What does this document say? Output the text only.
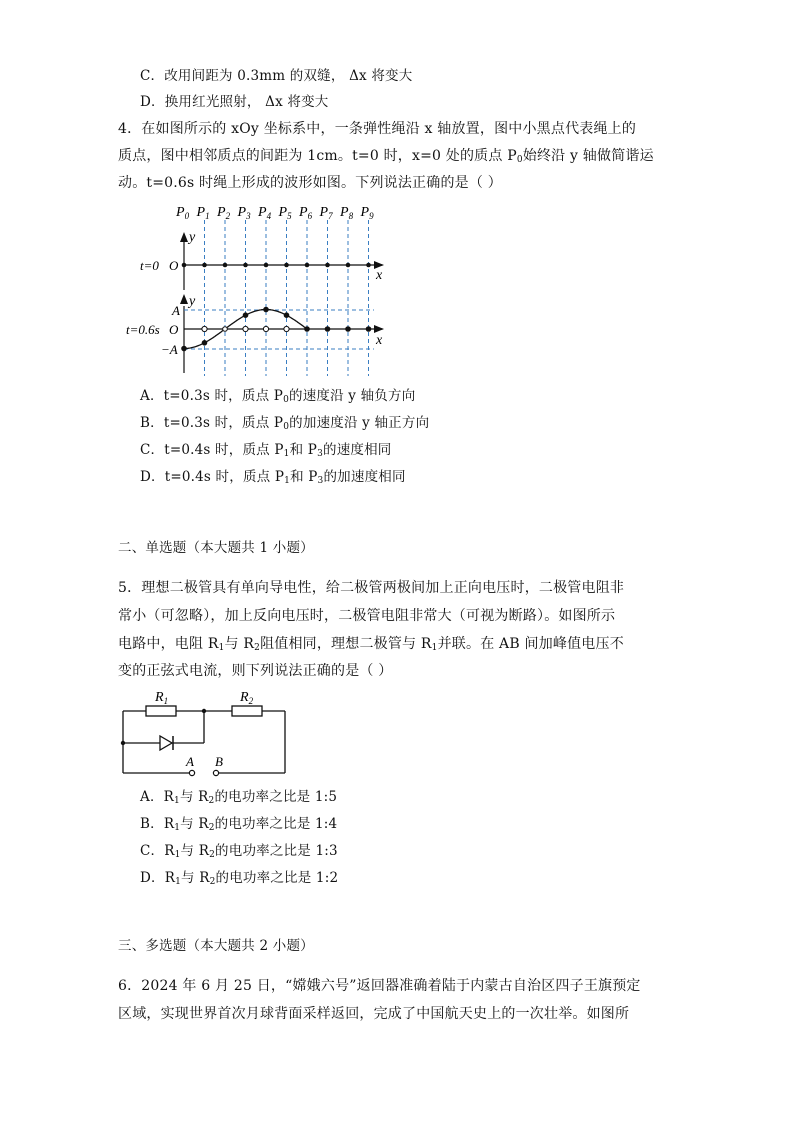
C．改用间距为 0.3mm 的双缝， Δx 将变大
D．换用红光照射， Δx 将变大
4．在如图所示的 xOy 坐标系中，一条弹性绳沿 x 轴放置，图中小黑点代表绳上的
质点，图中相邻质点的间距为 1cm。t=0 时，x=0 处的质点 $P_0$始终沿 y 轴做简谐运
动。t=0.6s 时绳上形成的波形如图。下列说法正确的是（ ）
$P_0$ $P_1$ $P_2$ $P_3$ $P_4$ $P_5$ $P_6$ $P_7$ $P_8$ $P_9$
y
x
t=0 O
y
x
t=0.6s O
A
−A
A．t=0.3s 时，质点 $P_0$的速度沿 y 轴负方向
B．t=0.3s 时，质点 $P_0$的加速度沿 y 轴正方向
C．t=0.4s 时，质点 $P_1$和 $P_3$的速度相同
D．t=0.4s 时，质点 $P_1$和 $P_3$的加速度相同
二、单选题（本大题共 1 小题）
5．理想二极管具有单向导电性，给二极管两极间加上正向电压时，二极管电阻非
常小（可忽略），加上反向电压时，二极管电阻非常大（可视为断路）。如图所示
电路中，电阻 $R_1$与 $R_2$阻值相同，理想二极管与 $R_1$并联。在 AB 间加峰值电压不
变的正弦式电流，则下列说法正确的是（ ）
$R_1$	$R_2$
A B
A．$R_1$与 $R_2$的电功率之比是 1:5
B．$R_1$与 $R_2$的电功率之比是 1:4
C．$R_1$与 $R_2$的电功率之比是 1:3
D．$R_1$与 $R_2$的电功率之比是 1:2
三、多选题（本大题共 2 小题）
6．2024 年 6 月 25 日，“嫦娥六号”返回器准确着陆于内蒙古自治区四子王旗预定
区域，实现世界首次月球背面采样返回，完成了中国航天史上的一次壮举。如图所
